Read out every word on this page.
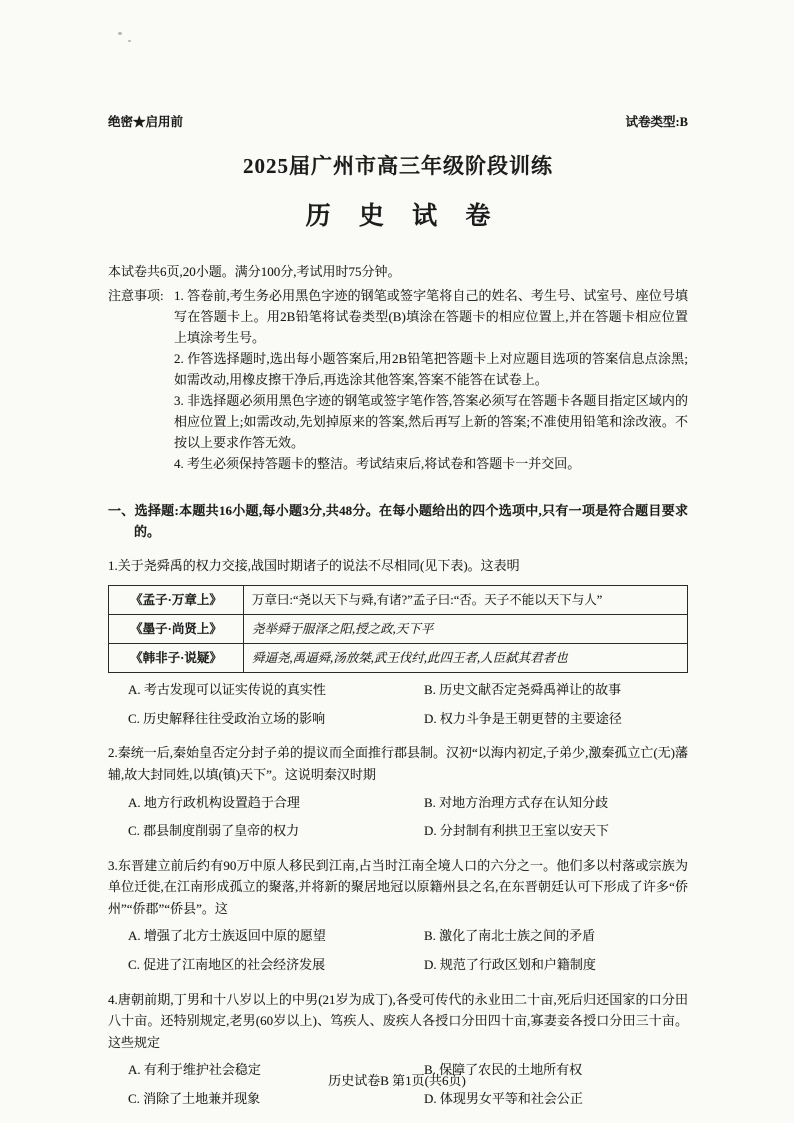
绝密★启用前	试卷类型:B
2025届广州市高三年级阶段训练
历 史 试 卷

本试卷共6页,20小题。满分100分,考试用时75分钟。

注意事项: 1. 答卷前,考生务必用黑色字迹的钢笔或签字笔将自己的姓名、考生号、试室号、座位号填写在答题卡上。用2B铅笔将试卷类型(B)填涂在答题卡的相应位置上,并在答题卡相应位置上填涂考生号。

2. 作答选择题时,选出每小题答案后,用2B铅笔把答题卡上对应题目选项的答案信息点涂黑;如需改动,用橡皮擦干净后,再选涂其他答案,答案不能答在试卷上。

3. 非选择题必须用黑色字迹的钢笔或签字笔作答,答案必须写在答题卡各题目指定区域内的相应位置上;如需改动,先划掉原来的答案,然后再写上新的答案;不准使用铅笔和涂改液。不按以上要求作答无效。

4. 考生必须保持答题卡的整洁。考试结束后,将试卷和答题卡一并交回。

一、选择题:本题共16小题,每小题3分,共48分。在每小题给出的四个选项中,只有一项是符合题目要求的。

1.关于尧舜禹的权力交接,战国时期诸子的说法不尽相同(见下表)。这表明

《孟子·万章上》	万章曰:“尧以天下与舜,有诸?”孟子曰:“否。天子不能以天下与人”
《墨子·尚贤上》	尧举舜于服泽之阳,授之政,天下平
《韩非子·说疑》	舜逼尧,禹逼舜,汤放桀,武王伐纣,此四王者,人臣弑其君者也
A. 考古发现可以证实传说的真实性	B. 历史文献否定尧舜禹禅让的故事
C. 历史解释往往受政治立场的影响	D. 权力斗争是王朝更替的主要途径

2.秦统一后,秦始皇否定分封子弟的提议而全面推行郡县制。汉初“以海内初定,子弟少,激秦孤立亡(无)藩辅,故大封同姓,以填(镇)天下”。这说明秦汉时期

A. 地方行政机构设置趋于合理	B. 对地方治理方式存在认知分歧
C. 郡县制度削弱了皇帝的权力	D. 分封制有利拱卫王室以安天下

3.东晋建立前后约有90万中原人移民到江南,占当时江南全境人口的六分之一。他们多以村落或宗族为单位迁徙,在江南形成孤立的聚落,并将新的聚居地冠以原籍州县之名,在东晋朝廷认可下形成了许多“侨州”“侨郡”“侨县”。这

A. 增强了北方士族返回中原的愿望	B. 激化了南北士族之间的矛盾
C. 促进了江南地区的社会经济发展	D. 规范了行政区划和户籍制度

4.唐朝前期,丁男和十八岁以上的中男(21岁为成丁),各受可传代的永业田二十亩,死后归还国家的口分田八十亩。还特别规定,老男(60岁以上)、笃疾人、废疾人各授口分田四十亩,寡妻妾各授口分田三十亩。这些规定

A. 有利于维护社会稳定	B. 保障了农民的土地所有权
C. 消除了土地兼并现象	D. 体现男女平等和社会公正
历史试卷B 第1页(共6页)
